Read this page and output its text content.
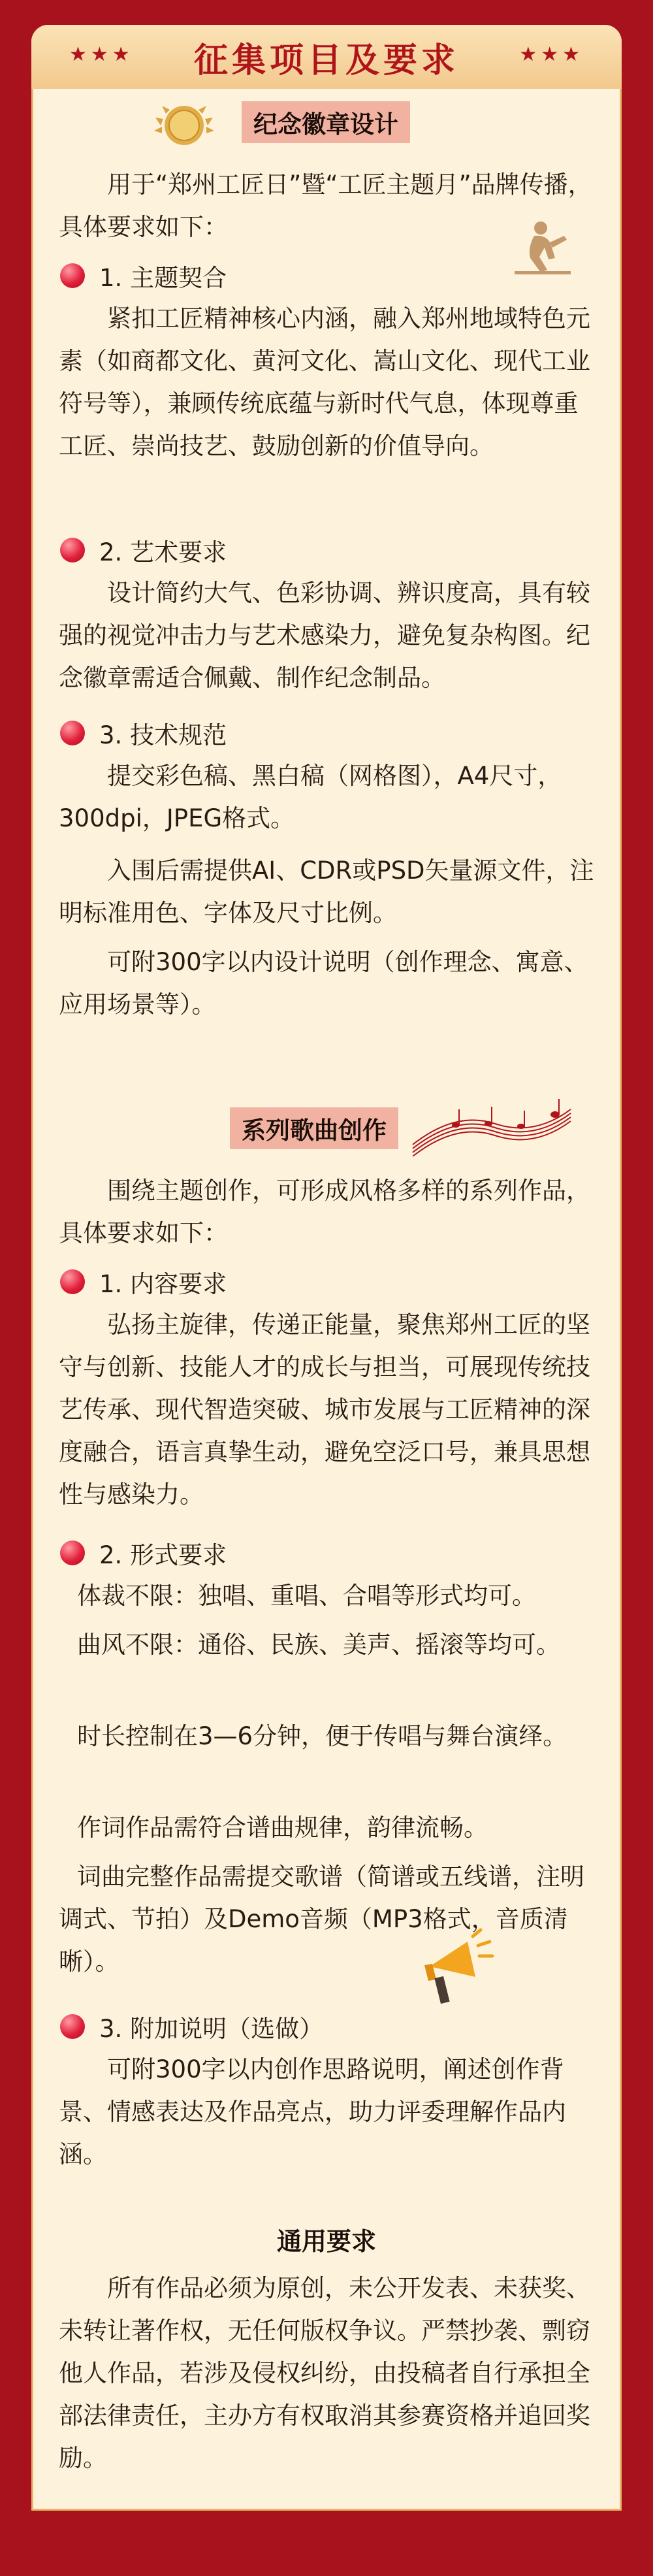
★★★ 征集项目及要求	★★★
纪念徽章设计

用于“郑州工匠日”暨“工匠主题月”品牌传播，具体要求如下：

1. 主题契合

紧扣工匠精神核心内涵，融入郑州地域特色元素（如商都文化、黄河文化、嵩山文化、现代工业符号等），兼顾传统底蕴与新时代气息，体现尊重工匠、崇尚技艺、鼓励创新的价值导向。

2. 艺术要求

设计简约大气、色彩协调、辨识度高，具有较强的视觉冲击力与艺术感染力，避免复杂构图。纪念徽章需适合佩戴、制作纪念制品。

3. 技术规范

提交彩色稿、黑白稿（网格图），A4尺寸，300dpi，JPEG格式。

入围后需提供AI、CDR或PSD矢量源文件，注明标准用色、字体及尺寸比例。

可附300字以内设计说明（创作理念、寓意、应用场景等）。

系列歌曲创作

围绕主题创作，可形成风格多样的系列作品，具体要求如下：

1. 内容要求

弘扬主旋律，传递正能量，聚焦郑州工匠的坚守与创新、技能人才的成长与担当，可展现传统技艺传承、现代智造突破、城市发展与工匠精神的深度融合，语言真挚生动，避免空泛口号，兼具思想性与感染力。

2. 形式要求

体裁不限：独唱、重唱、合唱等形式均可。

曲风不限：通俗、民族、美声、摇滚等均可。

时长控制在3—6分钟，便于传唱与舞台演绎。

作词作品需符合谱曲规律，韵律流畅。

词曲完整作品需提交歌谱（简谱或五线谱，注明调式、节拍）及Demo音频（MP3格式，音质清晰）。

3. 附加说明（选做）

可附300字以内创作思路说明，阐述创作背景、情感表达及作品亮点，助力评委理解作品内涵。

通用要求

所有作品必须为原创，未公开发表、未获奖、未转让著作权，无任何版权争议。严禁抄袭、剽窃他人作品，若涉及侵权纠纷，由投稿者自行承担全部法律责任，主办方有权取消其参赛资格并追回奖励。
